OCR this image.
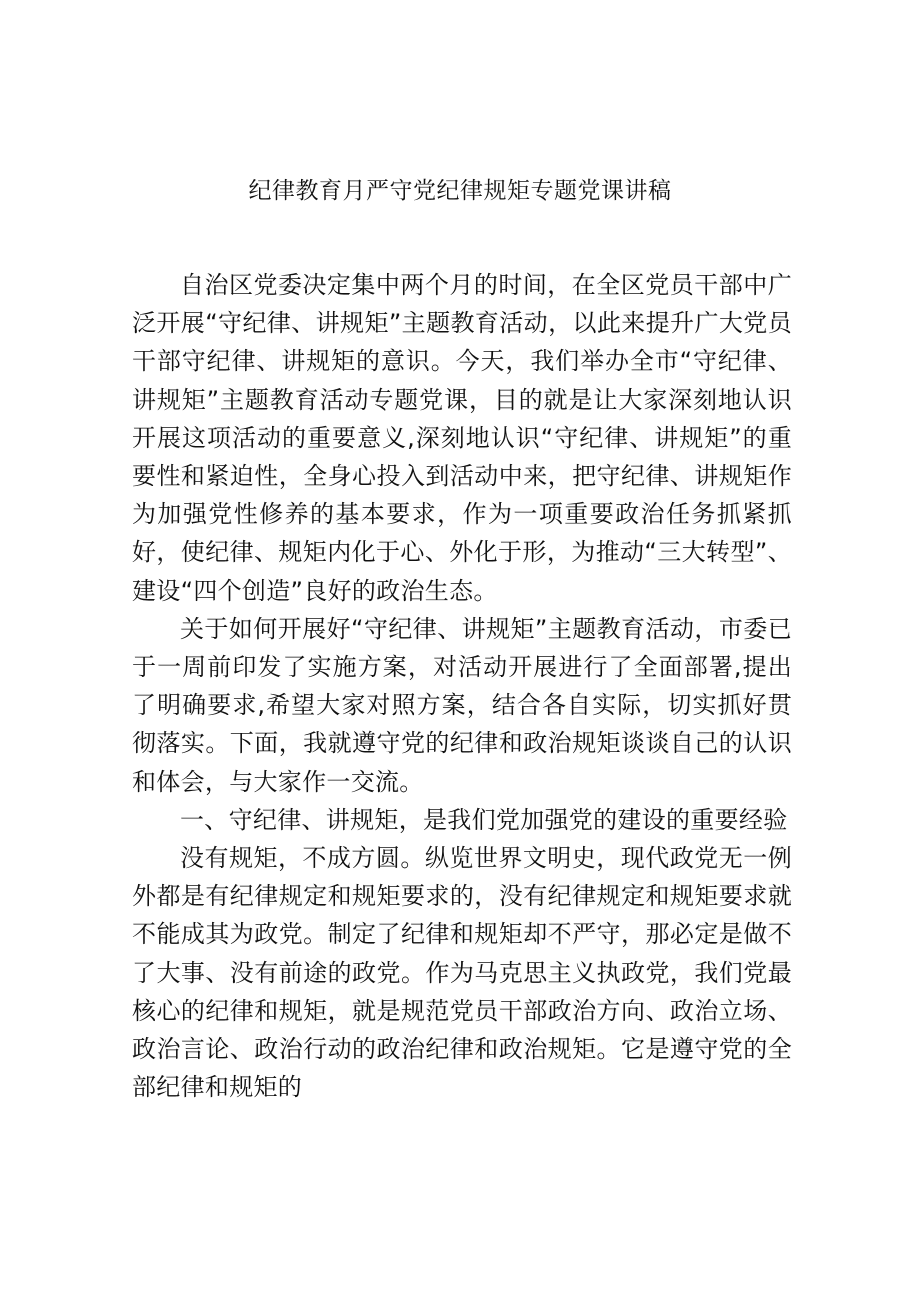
纪律教育月严守党纪律规矩专题党课讲稿

自治区党委决定集中两个月的时间，在全区党员干部中广泛开展“守纪律、讲规矩”主题教育活动，以此来提升广大党员干部守纪律、讲规矩的意识。今天，我们举办全市“守纪律、讲规矩”主题教育活动专题党课，目的就是让大家深刻地认识开展这项活动的重要意义,深刻地认识“守纪律、讲规矩”的重要性和紧迫性，全身心投入到活动中来，把守纪律、讲规矩作为加强党性修养的基本要求，作为一项重要政治任务抓紧抓好，使纪律、规矩内化于心、外化于形，为推动“三大转型”、建设“四个创造”良好的政治生态。

关于如何开展好“守纪律、讲规矩”主题教育活动，市委已于一周前印发了实施方案，对活动开展进行了全面部署,提出了明确要求,希望大家对照方案，结合各自实际，切实抓好贯彻落实。下面，我就遵守党的纪律和政治规矩谈谈自己的认识和体会，与大家作一交流。

一、守纪律、讲规矩，是我们党加强党的建设的重要经验

没有规矩，不成方圆。纵览世界文明史，现代政党无一例外都是有纪律规定和规矩要求的，没有纪律规定和规矩要求就不能成其为政党。制定了纪律和规矩却不严守，那必定是做不了大事、没有前途的政党。作为马克思主义执政党，我们党最核心的纪律和规矩，就是规范党员干部政治方向、政治立场、政治言论、政治行动的政治纪律和政治规矩。它是遵守党的全部纪律和规矩的
